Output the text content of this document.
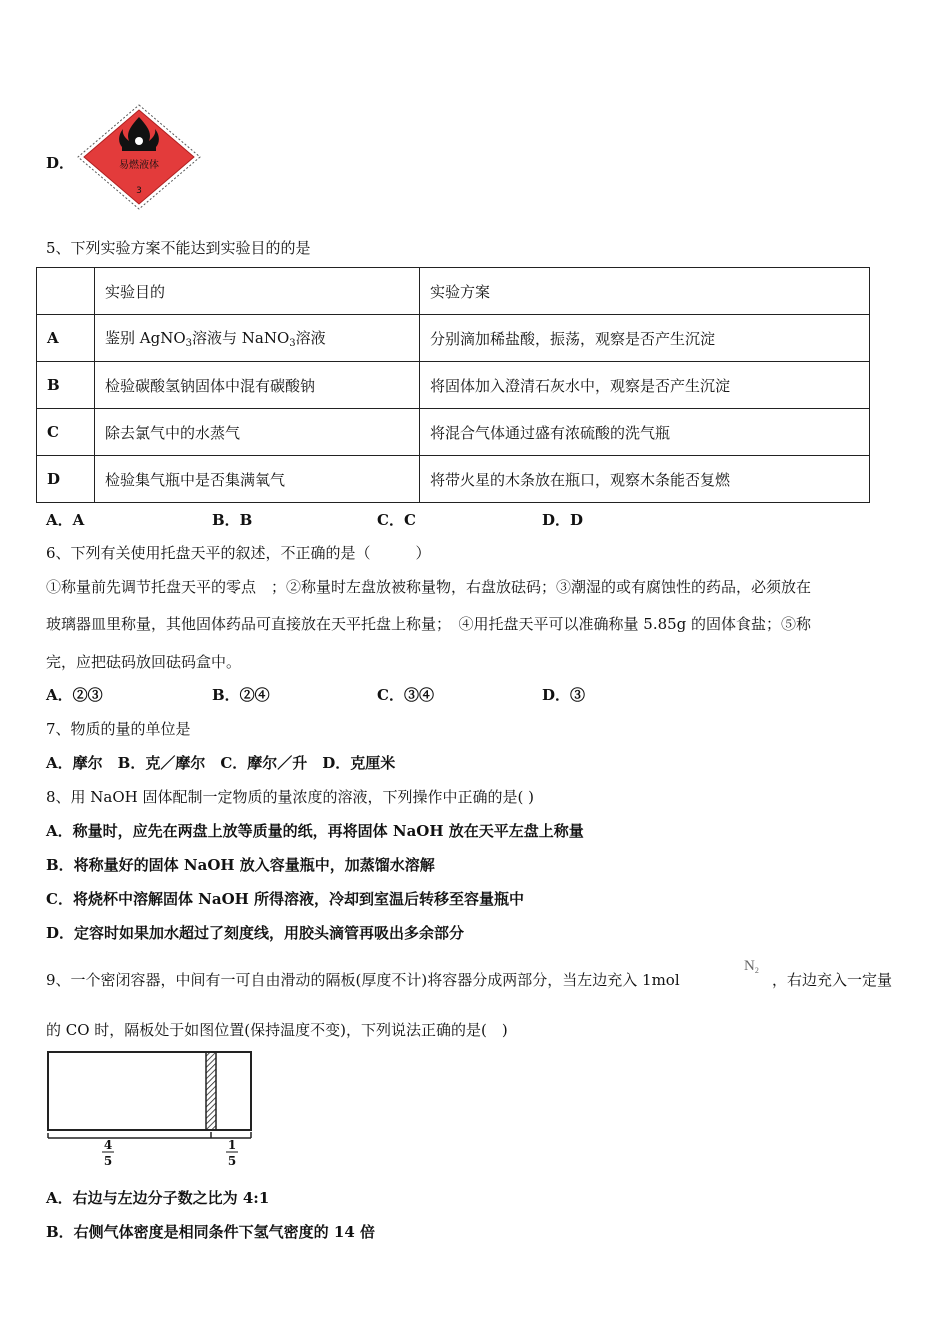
D．	易燃液体
3
5、下列实验方案不能达到实验目的的是
	实验目的	实验方案
A	鉴别 AgNO$_3$溶液与 NaNO$_3$溶液	分别滴加稀盐酸，振荡，观察是否产生沉淀
B	检验碳酸氢钠固体中混有碳酸钠	将固体加入澄清石灰水中，观察是否产生沉淀
C	除去氯气中的水蒸气	将混合气体通过盛有浓硫酸的洗气瓶
D	检验集气瓶中是否集满氧气	将带火星的木条放在瓶口，观察木条能否复燃
A．A	B．B	C．C	D．D
6、下列有关使用托盘天平的叙述，不正确的是（　　　）
①称量前先调节托盘天平的零点　；②称量时左盘放被称量物，右盘放砝码；③潮湿的或有腐蚀性的药品，必须放在
玻璃器皿里称量，其他固体药品可直接放在天平托盘上称量；　④用托盘天平可以准确称量 5.85g 的固体食盐；⑤称
完，应把砝码放回砝码盒中。
A．②③	B．②④	C．③④	D．③
7、物质的量的单位是
A．摩尔　B．克／摩尔　C．摩尔／升　D．克厘米
8、用 NaOH 固体配制一定物质的量浓度的溶液，下列操作中正确的是( )
A．称量时，应先在两盘上放等质量的纸，再将固体 NaOH 放在天平左盘上称量
B．将称量好的固体 NaOH 放入容量瓶中，加蒸馏水溶解
C．将烧杯中溶解固体 NaOH 所得溶液，冷却到室温后转移至容量瓶中
D．定容时如果加水超过了刻度线，用胶头滴管再吸出多余部分
9、一个密闭容器，中间有一可自由滑动的隔板(厚度不计)将容器分成两部分，当左边充入 1mol
$N_2$
，右边充入一定量
的 CO 时，隔板处于如图位置(保持温度不变)，下列说法正确的是(　)
4
5
1
5
A．右边与左边分子数之比为 4:1
B．右侧气体密度是相同条件下氢气密度的 14 倍
